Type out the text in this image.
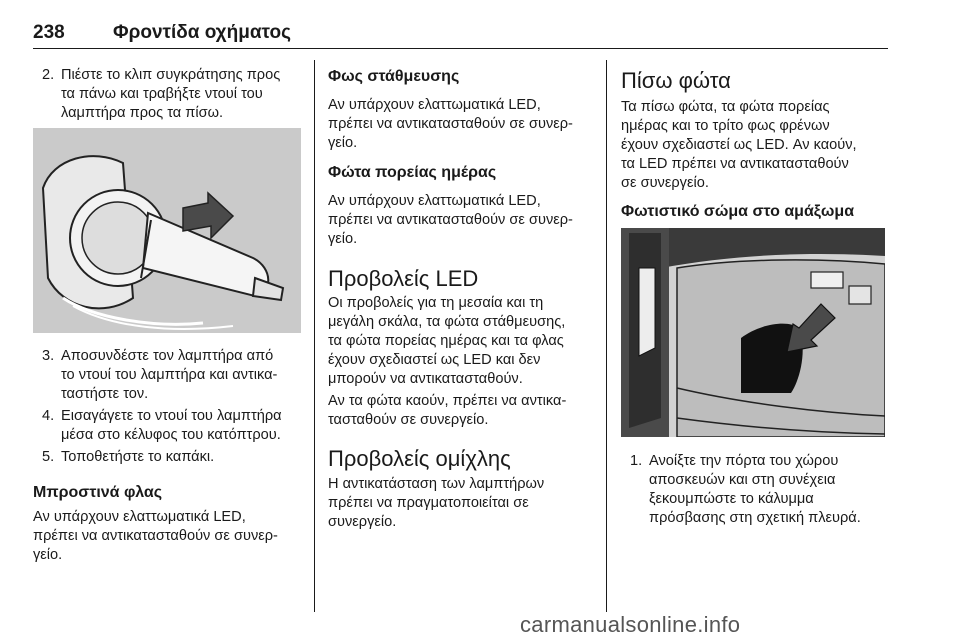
238	Φροντίδα οχήματος
2. Πιέστε το κλιπ συγκράτησης προς

τα πάνω και τραβήξτε ντουί του

λαμπτήρα προς τα πίσω.

3. Αποσυνδέστε τον λαμπτήρα από

το ντουί του λαμπτήρα και αντικα-

ταστήστε τον.

4. Εισαγάγετε το ντουί του λαμπτήρα

μέσα στο κέλυφος του κατόπτρου.

5. Τοποθετήστε το καπάκι.

Μπροστινά φλας

Αν υπάρχουν ελαττωματικά LED,

πρέπει να αντικατασταθούν σε συνερ-

γείο.

Φως στάθμευσης

Αν υπάρχουν ελαττωματικά LED,

πρέπει να αντικατασταθούν σε συνερ-

γείο.

Φώτα πορείας ημέρας

Αν υπάρχουν ελαττωματικά LED,

πρέπει να αντικατασταθούν σε συνερ-

γείο.

Προβολείς LED

Οι προβολείς για τη μεσαία και τη

μεγάλη σκάλα, τα φώτα στάθμευσης,

τα φώτα πορείας ημέρας και τα φλας

έχουν σχεδιαστεί ως LED και δεν

μπορούν να αντικατασταθούν.

Αν τα φώτα καούν, πρέπει να αντικα-

τασταθούν σε συνεργείο.

Προβολείς ομίχλης

Η αντικατάσταση των λαμπτήρων

πρέπει να πραγματοποιείται σε

συνεργείο.

Πίσω φώτα

Τα πίσω φώτα, τα φώτα πορείας

ημέρας και το τρίτο φως φρένων

έχουν σχεδιαστεί ως LED. Αν καούν,

τα LED πρέπει να αντικατασταθούν

σε συνεργείο.

Φωτιστικό σώμα στο αμάξωμα
1. Ανοίξτε την πόρτα του χώρου

αποσκευών και στη συνέχεια

ξεκουμπώστε το κάλυμμα

πρόσβασης στη σχετική πλευρά.

carmanualsonline.info
